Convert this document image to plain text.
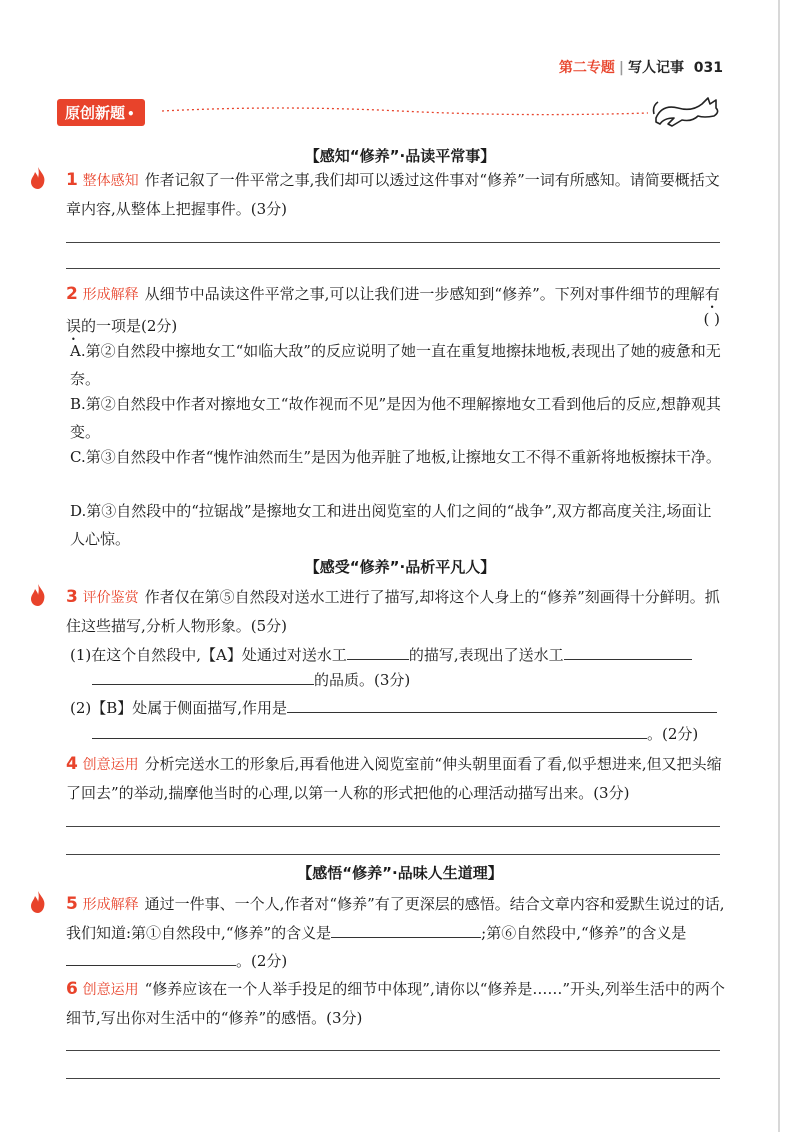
第二专题 | 写人记事 031
原创新题 •
【感知“修养”·品读平常事】
1 整体感知 作者记叙了一件平常之事,我们却可以透过这件事对“修养”一词有所感知。请简要概括文章内容,从整体上把握事件。(3分)
2 形成解释 从细节中品读这件平常之事,可以让我们进一步感知到“修养”。下列对事件细节的理解有误的一项是(2分)	( )
A.第②自然段中擦地女工“如临大敌”的反应说明了她一直在重复地擦抹地板,表现出了她的疲惫和无奈。
B.第②自然段中作者对擦地女工“故作视而不见”是因为他不理解擦地女工看到他后的反应,想静观其变。
C.第③自然段中作者“愧怍油然而生”是因为他弄脏了地板,让擦地女工不得不重新将地板擦抹干净。
D.第③自然段中的“拉锯战”是擦地女工和进出阅览室的人们之间的“战争”,双方都高度关注,场面让人心惊。
【感受“修养”·品析平凡人】
3 评价鉴赏 作者仅在第⑤自然段对送水工进行了描写,却将这个人身上的“修养”刻画得十分鲜明。抓住这些描写,分析人物形象。(5分)
(1)在这个自然段中,【A】处通过对送水工	的描写,表现出了送水工
的品质。(3分)
(2)【B】处属于侧面描写,作用是
。(2分)
4 创意运用 分析完送水工的形象后,再看他进入阅览室前“伸头朝里面看了看,似乎想进来,但又把头缩了回去”的举动,揣摩他当时的心理,以第一人称的形式把他的心理活动描写出来。(3分)
【感悟“修养”·品味人生道理】
5 形成解释 通过一件事、一个人,作者对“修养”有了更深层的感悟。结合文章内容和爱默生说过的话,我们知道:第①自然段中,“修养”的含义是	;第⑥自然段中,“修养”的含义是。(2分)
6 创意运用 “修养应该在一个人举手投足的细节中体现”,请你以“修养是……”开头,列举生活中的两个细节,写出你对生活中的“修养”的感悟。(3分)
